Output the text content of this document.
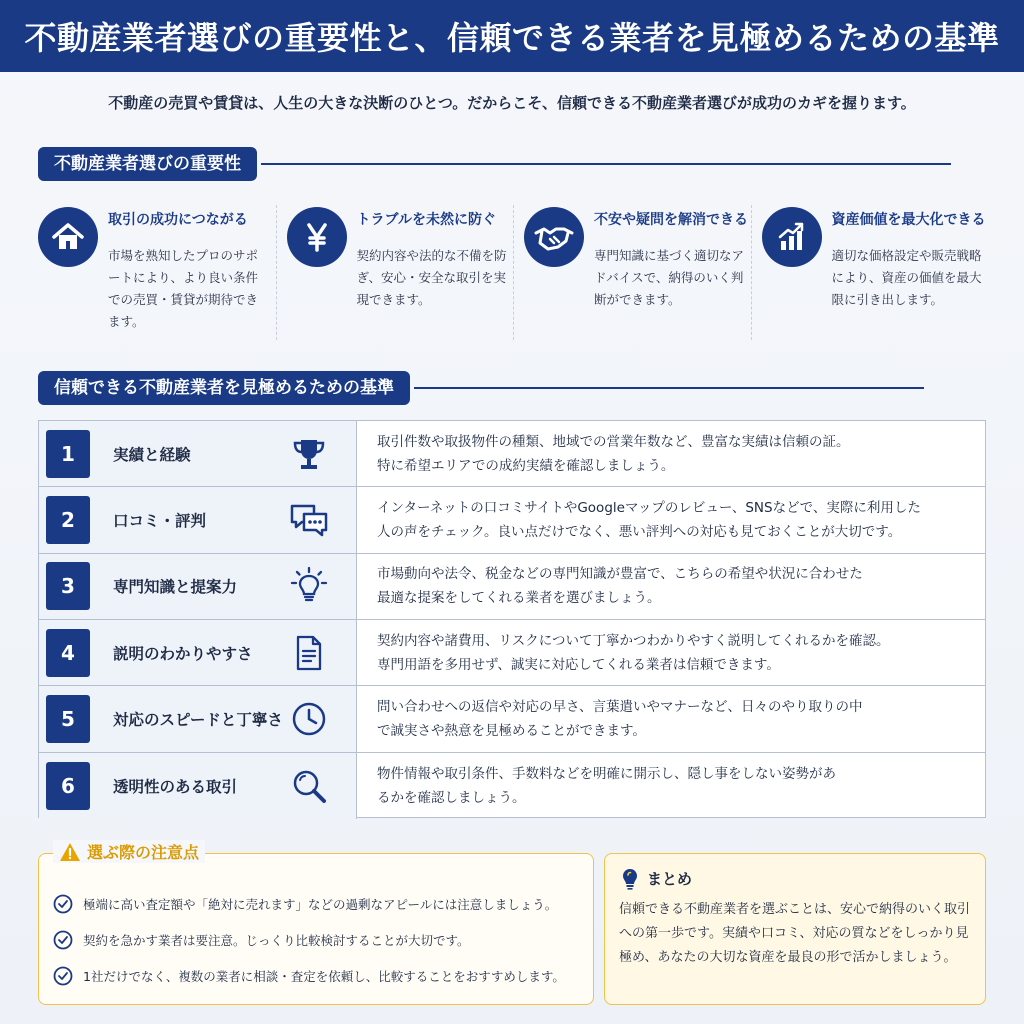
不動産業者選びの重要性と、信頼できる業者を見極めるための基準

不動産の売買や賃貸は、人生の大きな決断のひとつ。だからこそ、信頼できる不動産業者選びが成功のカギを握ります。

不動産業者選びの重要性
取引の成功につながる
市場を熟知したプロのサポートにより、より良い条件での売買・賃貸が期待できます。
トラブルを未然に防ぐ
契約内容や法的な不備を防ぎ、安心・安全な取引を実現できます。
不安や疑問を解消できる
専門知識に基づく適切なアドバイスで、納得のいく判断ができます。
資産価値を最大化できる
適切な価格設定や販売戦略により、資産の価値を最大限に引き出します。
信頼できる不動産業者を見極めるための基準
1	実績と経験
取引件数や取扱物件の種類、地域での営業年数など、豊富な実績は信頼の証。
特に希望エリアでの成約実績を確認しましょう。
2	口コミ・評判
インターネットの口コミサイトやGoogleマップのレビュー、SNSなどで、実際に利用した
人の声をチェック。良い点だけでなく、悪い評判への対応も見ておくことが大切です。
3	専門知識と提案力
市場動向や法令、税金などの専門知識が豊富で、こちらの希望や状況に合わせた
最適な提案をしてくれる業者を選びましょう。
4	説明のわかりやすさ
契約内容や諸費用、リスクについて丁寧かつわかりやすく説明してくれるかを確認。
専門用語を多用せず、誠実に対応してくれる業者は信頼できます。
5	対応のスピードと丁寧さ
問い合わせへの返信や対応の早さ、言葉遣いやマナーなど、日々のやり取りの中
で誠実さや熱意を見極めることができます。
6	透明性のある取引
物件情報や取引条件、手数料などを明確に開示し、隠し事をしない姿勢があ
るかを確認しましょう。
選ぶ際の注意点
極端に高い査定額や「絶対に売れます」などの過剰なアピールには注意しましょう。
契約を急かす業者は要注意。じっくり比較検討することが大切です。
1社だけでなく、複数の業者に相談・査定を依頼し、比較することをおすすめします。
まとめ

信頼できる不動産業者を選ぶことは、安心で納得のいく取引への第一歩です。実績や口コミ、対応の質などをしっかり見極め、あなたの大切な資産を最良の形で活かしましょう。
